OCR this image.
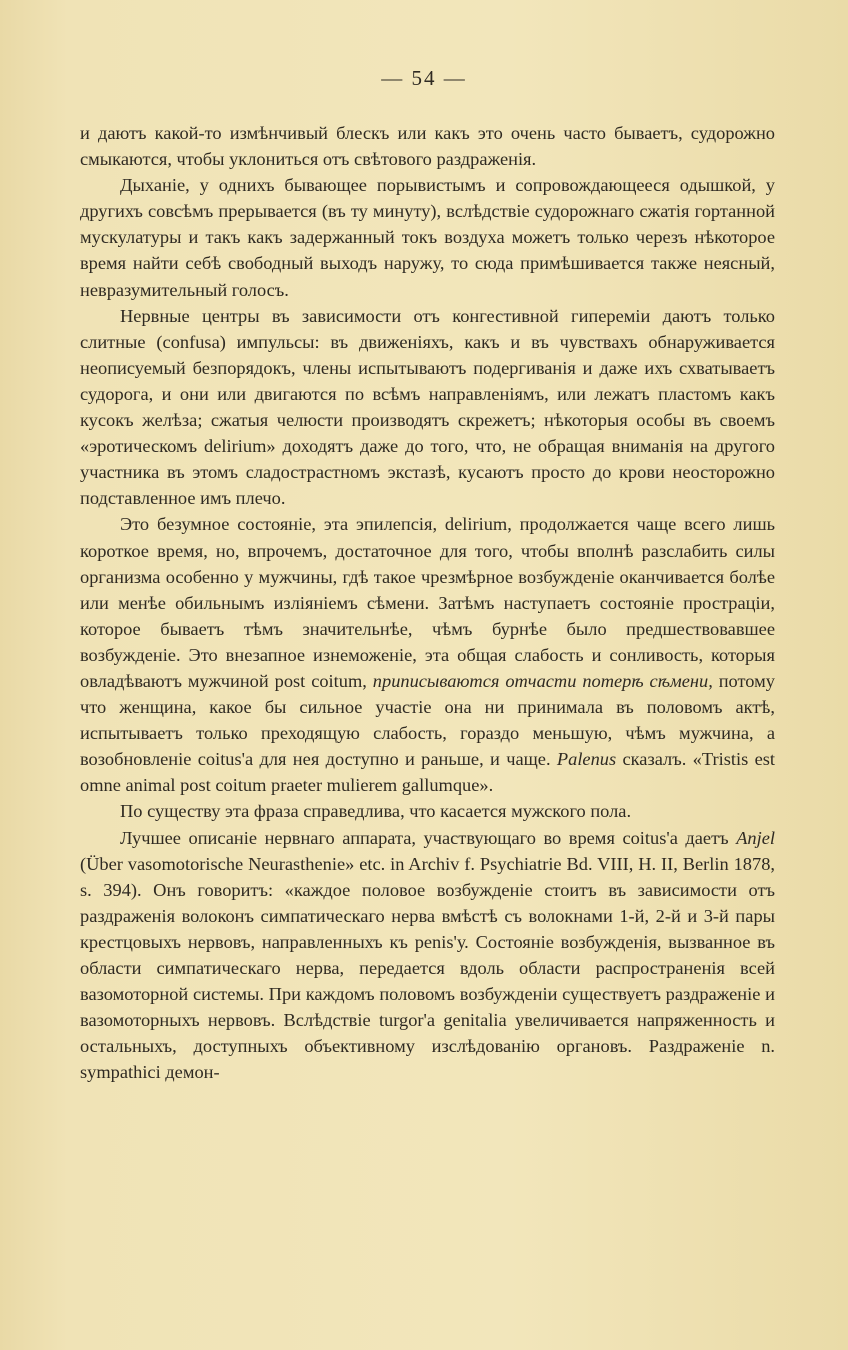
— 54 —

и даютъ какой-то измѣнчивый блескъ или какъ это очень часто бываетъ, судорожно смыкаются, чтобы уклониться отъ свѣтового раздраженія.

Дыханіе, у однихъ бывающее порывистымъ и сопровождающееся одышкой, у другихъ совсѣмъ прерывается (въ ту минуту), вслѣдствіе судорожнаго сжатія гортанной мускулатуры и такъ какъ задержанный токъ воздуха можетъ только черезъ нѣкоторое время найти себѣ свободный выходъ наружу, то сюда примѣшивается также неясный, невразумительный голосъ.

Нервные центры въ зависимости отъ конгестивной гипереміи даютъ только слитные (confusa) импульсы: въ движеніяхъ, какъ и въ чувствахъ обнаруживается неописуемый безпорядокъ, члены испытываютъ подергиванія и даже ихъ схватываетъ судорога, и они или двигаются по всѣмъ направленіямъ, или лежатъ пластомъ какъ кусокъ желѣза; сжатыя челюсти производятъ скрежетъ; нѣкоторыя особы въ своемъ «эротическомъ delirium» доходятъ даже до того, что, не обращая вниманія на другого участника въ этомъ сладострастномъ экстазѣ, кусаютъ просто до крови неосторожно подставленное имъ плечо.

Это безумное состояніе, эта эпилепсія, delirium, продолжается чаще всего лишь короткое время, но, впрочемъ, достаточное для того, чтобы вполнѣ разслабить силы организма особенно у мужчины, гдѣ такое чрезмѣрное возбужденіе оканчивается болѣе или менѣе обильнымъ изліяніемъ сѣмени. Затѣмъ наступаетъ состояніе простраціи, которое бываетъ тѣмъ значительнѣе, чѣмъ бурнѣе было предшествовавшее возбужденіе. Это внезапное изнеможеніе, эта общая слабость и сонливость, которыя овладѣваютъ мужчиной post coitum, приписываются отчасти потерѣ сѣмени, потому что женщина, какое бы сильное участіе она ни принимала въ половомъ актѣ, испытываетъ только преходящую слабость, гораздо меньшую, чѣмъ мужчина, а возобновленіе coitus'а для нея доступно и раньше, и чаще. Palenus сказалъ. «Tristis est omne animal post coitum praeter mulierem gallumque».

По существу эта фраза справедлива, что касается мужского пола.

Лучшее описаніе нервнаго аппарата, участвующаго во время coitus'а даетъ Anjel (Über vasomotorische Neurasthenie» etc. in Archiv f. Psychiatrie Bd. VIII, H. II, Berlin 1878, s. 394). Онъ говоритъ: «каждое половое возбужденіе стоитъ въ зависимости отъ раздраженія волоконъ симпатическаго нерва вмѣстѣ съ волокнами 1-й, 2-й и 3-й пары крестцовыхъ нервовъ, направленныхъ къ penis'у. Состояніе возбужденія, вызванное въ области симпатическаго нерва, передается вдоль области распространенія всей вазомоторной системы. При каждомъ половомъ возбужденіи существуетъ раздраженіе и вазомоторныхъ нервовъ. Вслѣдствіе turgor'а genitalia увеличивается напряженность и остальныхъ, доступныхъ объективному изслѣдованію органовъ. Раздраженіе n. sympathici демон-
